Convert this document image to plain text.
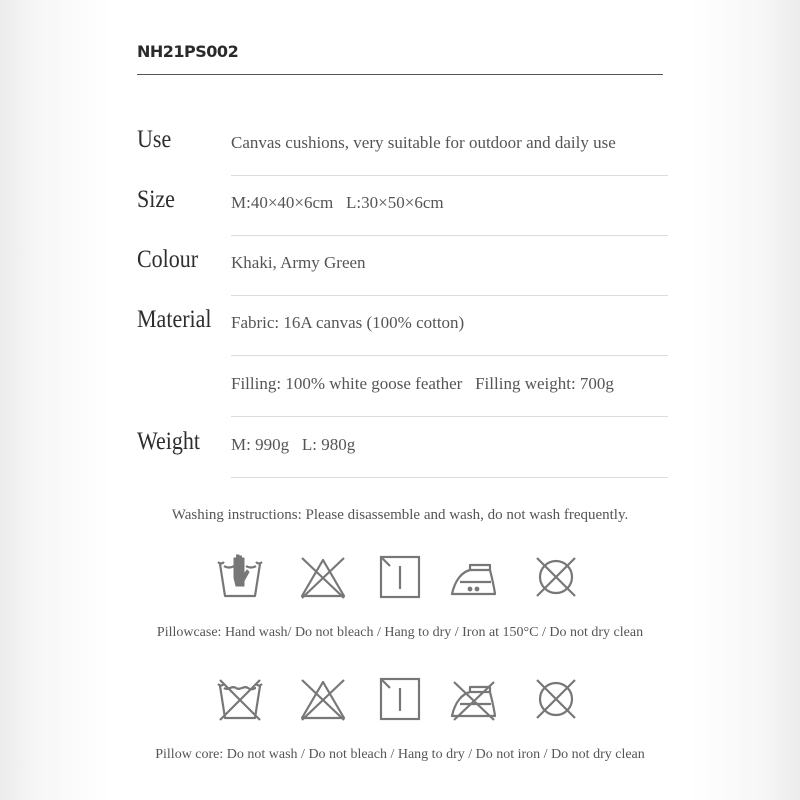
NH21PS002
Use	Canvas cushions, very suitable for outdoor and daily use
Size	M:40×40×6cm   L:30×50×6cm
Colour Khaki, Army Green
Material Fabric: 16A canvas (100% cotton)
Filling: 100% white goose feather   Filling weight: 700g
Weight M: 990g   L: 980g
Washing instructions: Please disassemble and wash, do not wash frequently.
Pillowcase: Hand wash/ Do not bleach / Hang to dry / Iron at 150°C / Do not dry clean
Pillow core: Do not wash / Do not bleach / Hang to dry / Do not iron / Do not dry clean
